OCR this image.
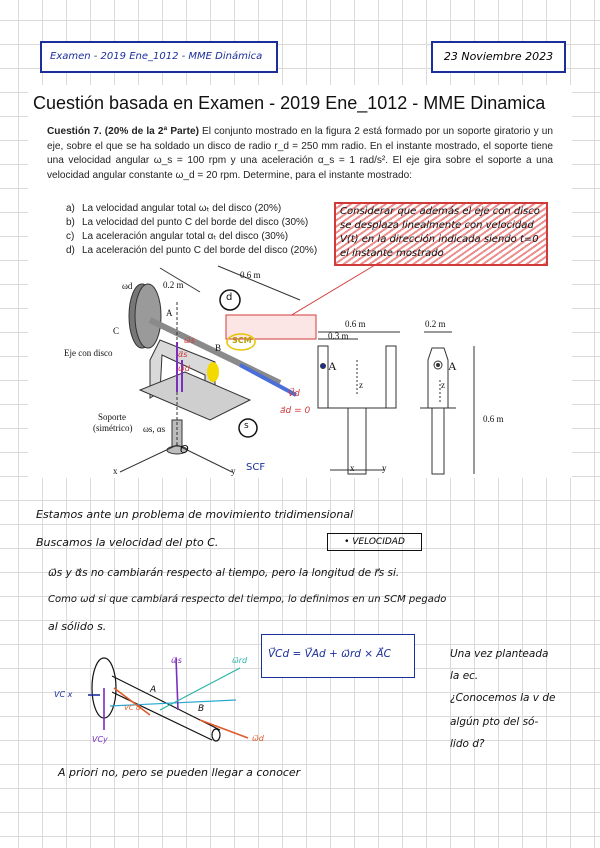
Examen - 2019 Ene_1012 - MME Dinámica	23 Noviembre 2023
Cuestión basada en Examen - 2019 Ene_1012 - MME Dinamica
Cuestión 7. (20% de la 2ª Parte) El conjunto mostrado en la figura 2 está formado por un soporte giratorio y un eje, sobre el que se ha soldado un disco de radio r_d = 250 mm radio. En el instante mostrado, el soporte tiene una velocidad angular ω_s = 100 rpm y una aceleración α_s = 1 rad/s². El eje gira sobre el soporte a una velocidad angular constante ω_d = 20 rpm. Determine, para el instante mostrado:
a) La velocidad angular total ωₜ del disco (20%)
b) La velocidad del punto C del borde del disco (30%)
c) La aceleración angular total αₜ del disco (30%)
d) La aceleración del punto C del borde del disco (20%)
Considerar que además el eje con disco se desplaza linealmente con velocidad V(t) en la dirección indicada siendo t=0 el instante mostrado
0.2 m
0.6 m
ωd
C
A
B
Eje con disco
Soporte
(simétrico) ωs, αs
x	y
O
SCF
SCM
d
s
V⃗d
a⃗d = 0
ω⃗s
α⃗s
ω⃗d
0.6 m
0.3 m
0.2 m
0.6 m
A	A
z	z
x	y
Estamos ante un problema de movimiento tridimensional
Buscamos la velocidad del pto C.	• VELOCIDAD
ω⃗s y α⃗s no cambiarán respecto al tiempo, pero la longitud de r⃗s si.
Como ωd si que cambiará respecto del tiempo, lo definimos en un SCM pegado
al sólido s.
V⃗Cd = V⃗Ad + ω⃗rd × A⃗C	Una vez planteada
la ec.
¿Conocemos la v de
algún pto del só-
lido d?
ω⃗s	ω⃗rd
VC x
VCy
VC d
A
B
ω⃗d
A priori no, pero se pueden llegar a conocer
